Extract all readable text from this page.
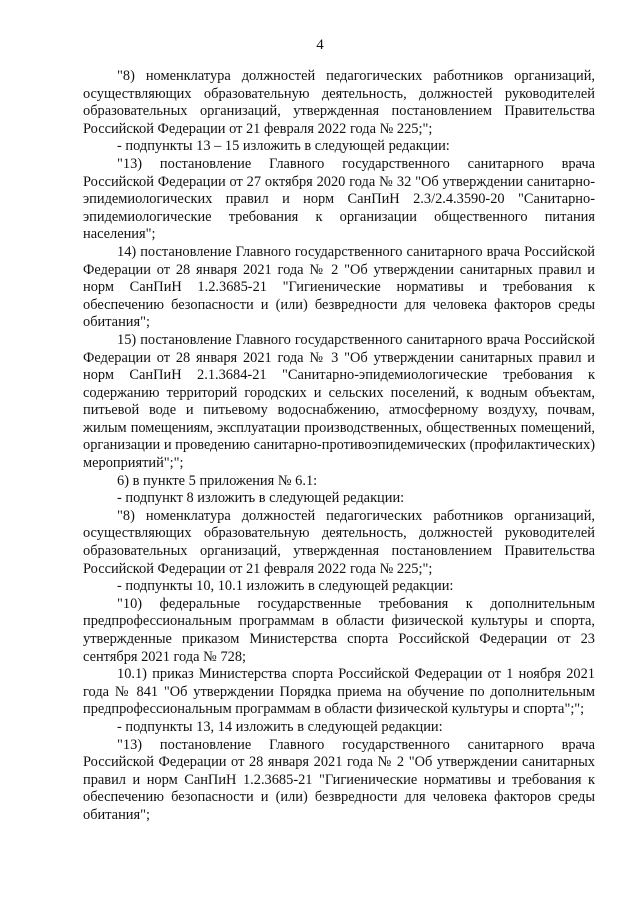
4

"8) номенклатура должностей педагогических работников организаций, осуществляющих образовательную деятельность, должностей руководителей образовательных организаций, утвержденная постановлением Правительства Российской Федерации от 21 февраля 2022 года № 225;";

- подпункты 13 – 15 изложить в следующей редакции:

"13) постановление Главного государственного санитарного врача Российской Федерации от 27 октября 2020 года № 32 "Об утверждении санитарно-эпидемиологических правил и норм СанПиН 2.3/2.4.3590-20 "Санитарно-эпидемиологические требования к организации общественного питания населения";

14) постановление Главного государственного санитарного врача Российской Федерации от 28 января 2021 года № 2 "Об утверждении санитарных правил и норм СанПиН 1.2.3685-21 "Гигиенические нормативы и требования к обеспечению безопасности и (или) безвредности для человека факторов среды обитания";

15) постановление Главного государственного санитарного врача Российской Федерации от 28 января 2021 года № 3 "Об утверждении санитарных правил и норм СанПиН 2.1.3684-21 "Санитарно-эпидемиологические требования к содержанию территорий городских и сельских поселений, к водным объектам, питьевой воде и питьевому водоснабжению, атмосферному воздуху, почвам, жилым помещениям, эксплуатации производственных, общественных помещений, организации и проведению санитарно-противоэпидемических (профилактических) мероприятий";";

6) в пункте 5 приложения № 6.1:

- подпункт 8 изложить в следующей редакции:

"8) номенклатура должностей педагогических работников организаций, осуществляющих образовательную деятельность, должностей руководителей образовательных организаций, утвержденная постановлением Правительства Российской Федерации от 21 февраля 2022 года № 225;";

- подпункты 10, 10.1 изложить в следующей редакции:

"10) федеральные государственные требования к дополнительным предпрофессиональным программам в области физической культуры и спорта, утвержденные приказом Министерства спорта Российской Федерации от 23 сентября 2021 года № 728;

10.1) приказ Министерства спорта Российской Федерации от 1 ноября 2021 года № 841 "Об утверждении Порядка приема на обучение по дополнительным предпрофессиональным программам в области физической культуры и спорта";";

- подпункты 13, 14 изложить в следующей редакции:

"13) постановление Главного государственного санитарного врача Российской Федерации от 28 января 2021 года № 2 "Об утверждении санитарных правил и норм СанПиН 1.2.3685-21 "Гигиенические нормативы и требования к обеспечению безопасности и (или) безвредности для человека факторов среды обитания";
